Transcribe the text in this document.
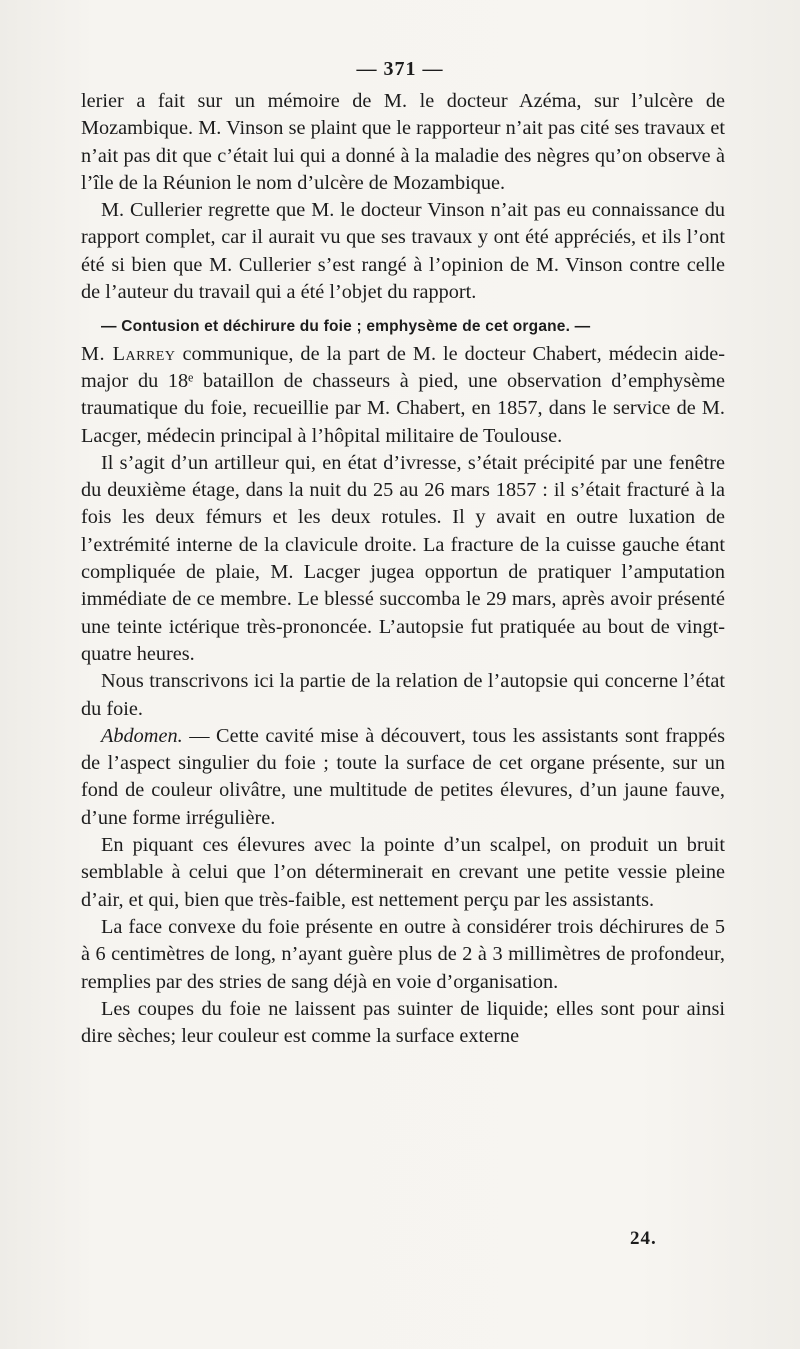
— 371 —

lerier a fait sur un mémoire de M. le docteur Azéma, sur l’ulcère de Mozambique. M. Vinson se plaint que le rapporteur n’ait pas cité ses travaux et n’ait pas dit que c’était lui qui a donné à la maladie des nègres qu’on observe à l’île de la Réunion le nom d’ulcère de Mozambique.

M. Cullerier regrette que M. le docteur Vinson n’ait pas eu connaissance du rapport complet, car il aurait vu que ses travaux y ont été appréciés, et ils l’ont été si bien que M. Cullerier s’est rangé à l’opinion de M. Vinson contre celle de l’auteur du travail qui a été l’objet du rapport.

— Contusion et déchirure du foie ; emphysème de cet organe. —
M. Larrey communique, de la part de M. le docteur Chabert, médecin aide-major du 18ᵉ bataillon de chasseurs à pied, une observation d’emphysème traumatique du foie, recueillie par M. Chabert, en 1857, dans le service de M. Lacger, médecin principal à l’hôpital militaire de Toulouse.

Il s’agit d’un artilleur qui, en état d’ivresse, s’était précipité par une fenêtre du deuxième étage, dans la nuit du 25 au 26 mars 1857 : il s’était fracturé à la fois les deux fémurs et les deux rotules. Il y avait en outre luxation de l’extrémité interne de la clavicule droite. La fracture de la cuisse gauche étant compliquée de plaie, M. Lacger jugea opportun de pratiquer l’amputation immédiate de ce membre. Le blessé succomba le 29 mars, après avoir présenté une teinte ictérique très-prononcée. L’autopsie fut pratiquée au bout de vingt-quatre heures.

Nous transcrivons ici la partie de la relation de l’autopsie qui concerne l’état du foie.

Abdomen. — Cette cavité mise à découvert, tous les assistants sont frappés de l’aspect singulier du foie ; toute la surface de cet organe présente, sur un fond de couleur olivâtre, une multitude de petites élevures, d’un jaune fauve, d’une forme irrégulière.

En piquant ces élevures avec la pointe d’un scalpel, on produit un bruit semblable à celui que l’on déterminerait en crevant une petite vessie pleine d’air, et qui, bien que très-faible, est nettement perçu par les assistants.

La face convexe du foie présente en outre à considérer trois déchirures de 5 à 6 centimètres de long, n’ayant guère plus de 2 à 3 millimètres de profondeur, remplies par des stries de sang déjà en voie d’organisation.

Les coupes du foie ne laissent pas suinter de liquide; elles sont pour ainsi dire sèches; leur couleur est comme la surface externe

24.
